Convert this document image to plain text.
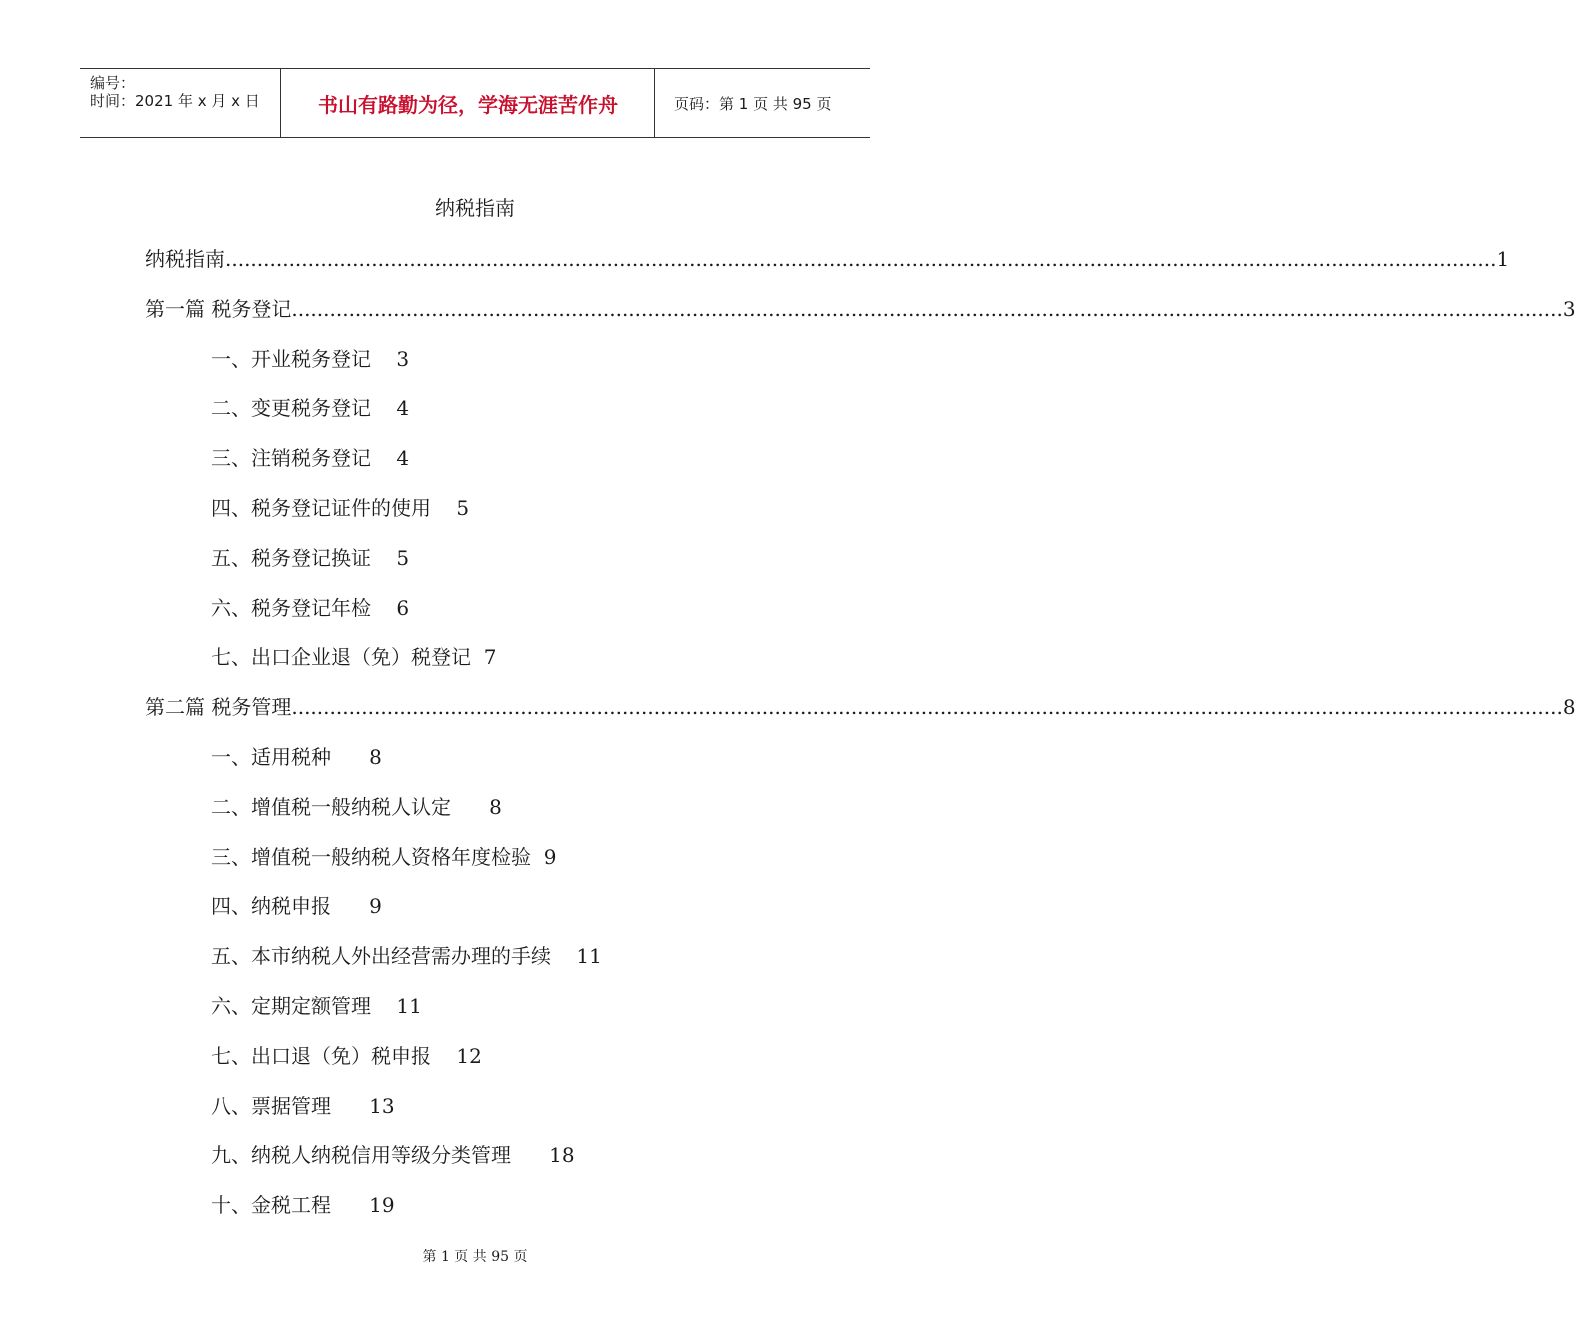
编号：
时间：2021 年 x 月 x 日	书山有路勤为径，学海无涯苦作舟	页码：第 1 页 共 95 页
纳税指南
纳税指南 ........................................................................................................................................................................................................ 1
第一篇 税务登记 ........................................................................................................................................................................................................ 3
一、开业税务登记    3
二、变更税务登记    4
三、注销税务登记    4
四、税务登记证件的使用    5
五、税务登记换证    5
六、税务登记年检    6
七、出口企业退（免）税登记  7
第二篇 税务管理 ........................................................................................................................................................................................................ 8
一、适用税种      8
二、增值税一般纳税人认定      8
三、增值税一般纳税人资格年度检验  9
四、纳税申报      9
五、本市纳税人外出经营需办理的手续    11
六、定期定额管理    11
七、出口退（免）税申报    12
八、票据管理      13
九、纳税人纳税信用等级分类管理      18
十、金税工程      19
第 1 页 共 95 页
